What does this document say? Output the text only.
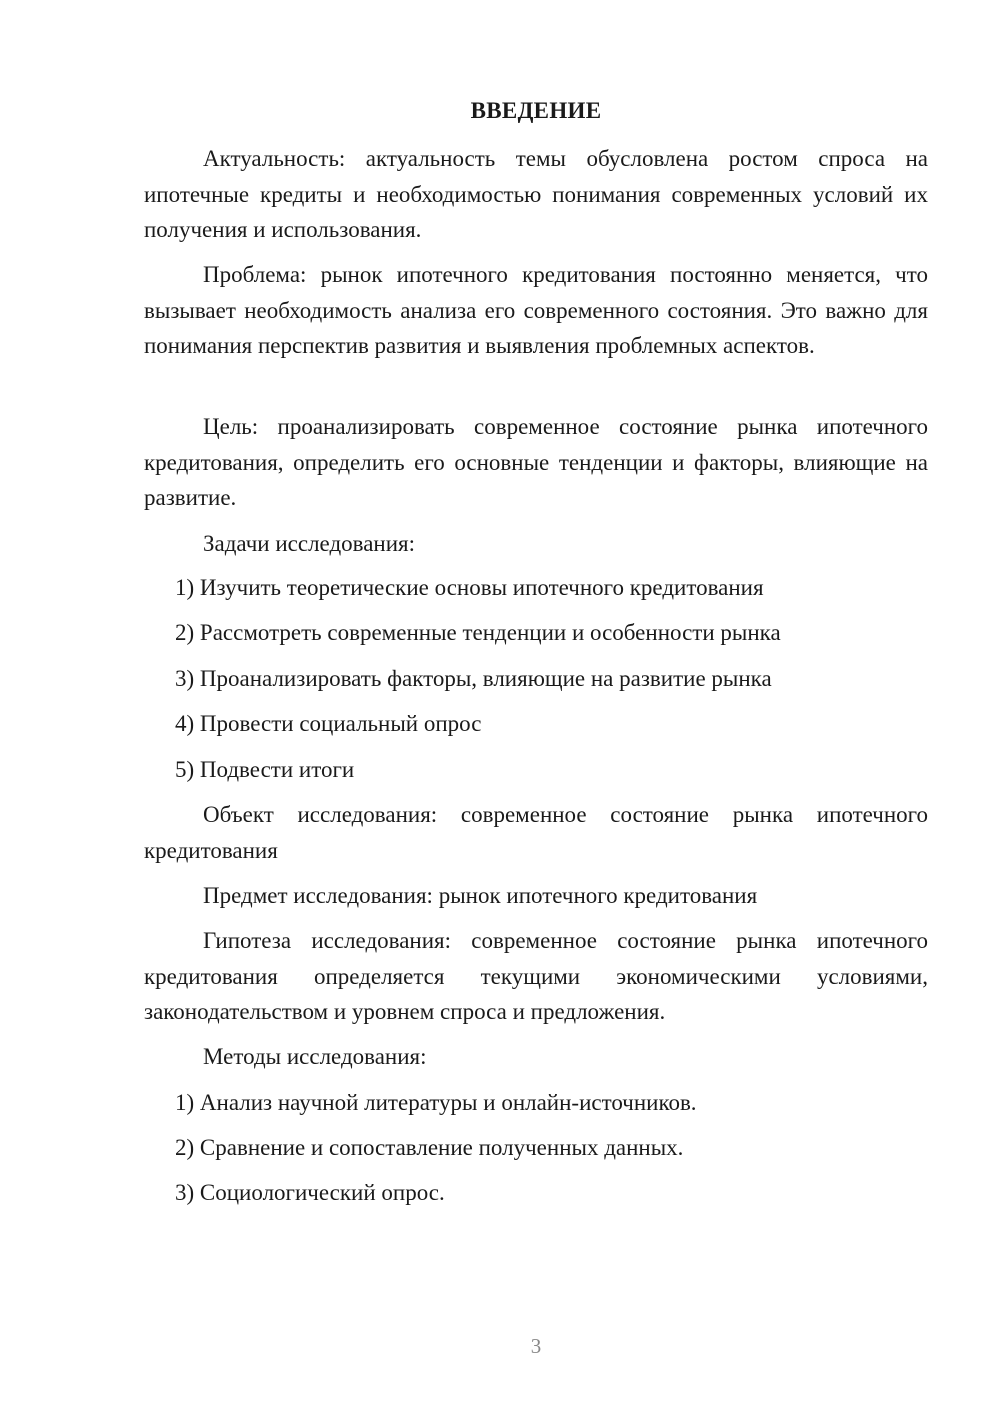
ВВЕДЕНИЕ

Актуальность: актуальность темы обусловлена ростом спроса на ипотечные кредиты и необходимостью понимания современных условий их получения и использования.

Проблема: рынок ипотечного кредитования постоянно меняется, что вызывает необходимость анализа его современного состояния. Это важно для понимания перспектив развития и выявления проблемных аспектов.

Цель: проанализировать современное состояние рынка ипотечного кредитования, определить его основные тенденции и факторы, влияющие на развитие.

Задачи исследования:

1) Изучить теоретические основы ипотечного кредитования

2) Рассмотреть современные тенденции и особенности рынка

3) Проанализировать факторы, влияющие на развитие рынка

4) Провести социальный опрос

5) Подвести итоги

Объект исследования: современное состояние рынка ипотечного кредитования

Предмет исследования: рынок ипотечного кредитования

Гипотеза исследования: современное состояние рынка ипотечного кредитования определяется текущими экономическими условиями, законодательством и уровнем спроса и предложения.

Методы исследования:

1) Анализ научной литературы и онлайн-источников.

2) Сравнение и сопоставление полученных данных.

3) Социологический опрос.

3
